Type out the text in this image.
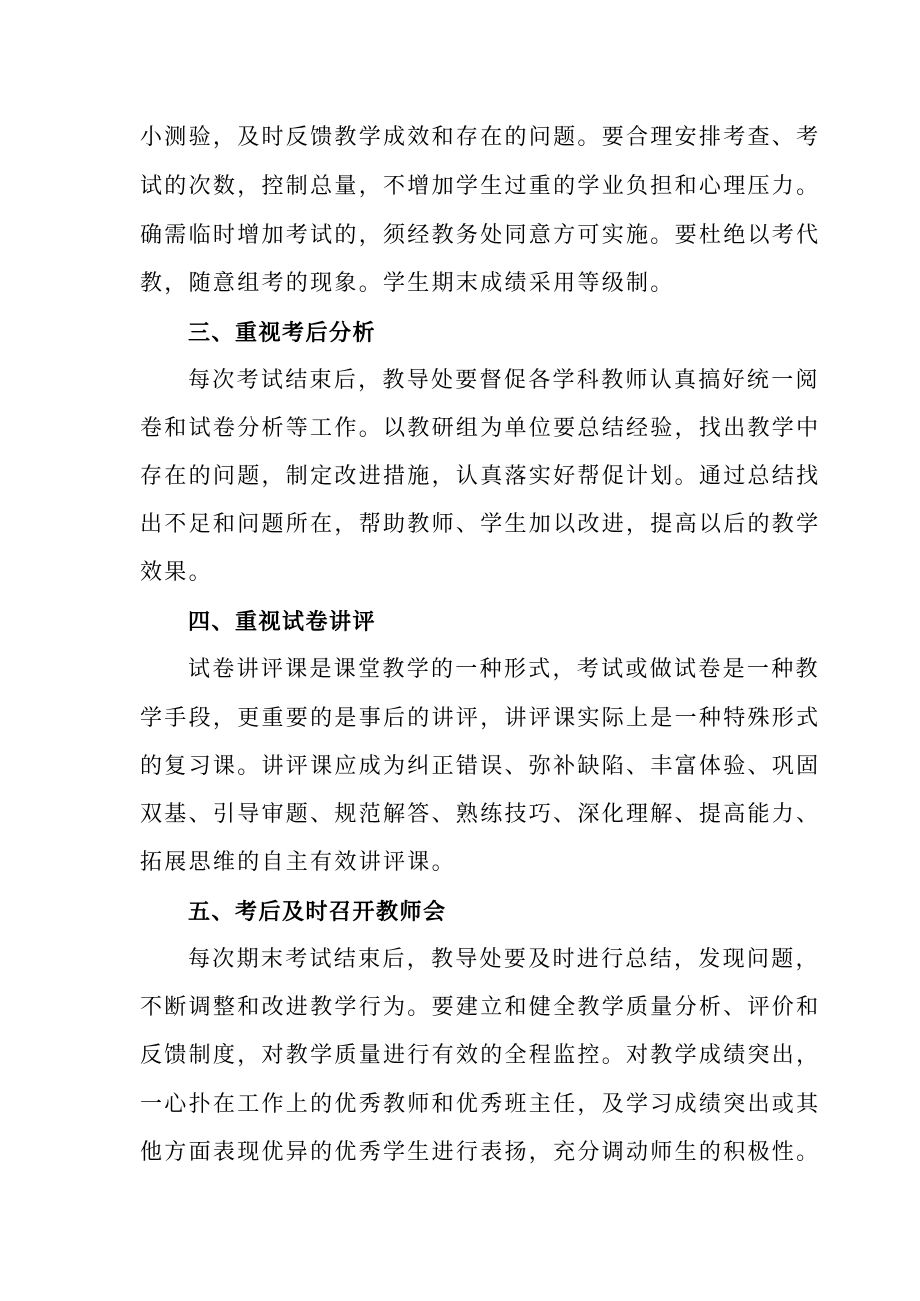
小测验，及时反馈教学成效和存在的问题。要合理安排考查、考
试的次数，控制总量，不增加学生过重的学业负担和心理压力。
确需临时增加考试的，须经教务处同意方可实施。要杜绝以考代
教，随意组考的现象。学生期末成绩采用等级制。
三、重视考后分析
每次考试结束后，教导处要督促各学科教师认真搞好统一阅
卷和试卷分析等工作。以教研组为单位要总结经验，找出教学中
存在的问题，制定改进措施，认真落实好帮促计划。通过总结找
出不足和问题所在，帮助教师、学生加以改进，提高以后的教学
效果。
四、重视试卷讲评
试卷讲评课是课堂教学的一种形式，考试或做试卷是一种教
学手段，更重要的是事后的讲评，讲评课实际上是一种特殊形式
的复习课。讲评课应成为纠正错误、弥补缺陷、丰富体验、巩固
双基、引导审题、规范解答、熟练技巧、深化理解、提高能力、
拓展思维的自主有效讲评课。
五、考后及时召开教师会
每次期末考试结束后，教导处要及时进行总结，发现问题，
不断调整和改进教学行为。要建立和健全教学质量分析、评价和
反馈制度，对教学质量进行有效的全程监控。对教学成绩突出，
一心扑在工作上的优秀教师和优秀班主任，及学习成绩突出或其
他方面表现优异的优秀学生进行表扬，充分调动师生的积极性。
